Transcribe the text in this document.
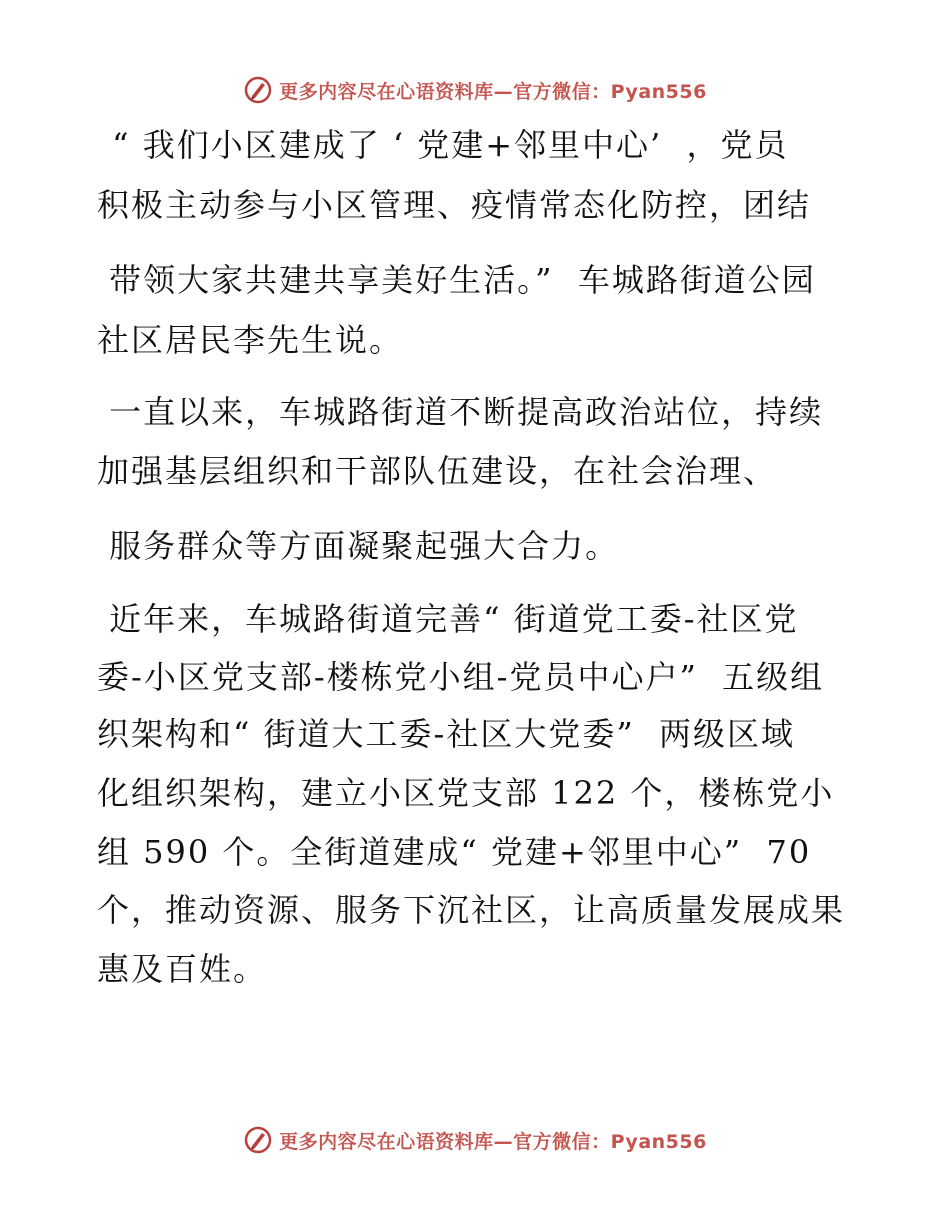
更多内容尽在心语资料库—官方微信：Pyan556
“ 我们小区建成了 ‘ 党建+邻里中心’  ，党员
积极主动参与小区管理、疫情常态化防控，团结
带领大家共建共享美好生活。”  车城路街道公园
社区居民李先生说。
一直以来，车城路街道不断提高政治站位，持续
加强基层组织和干部队伍建设，在社会治理、
服务群众等方面凝聚起强大合力。
近年来，车城路街道完善“ 街道党工委-社区党
委-小区党支部-楼栋党小组-党员中心户”  五级组
织架构和“ 街道大工委-社区大党委”  两级区域
化组织架构，建立小区党支部 122 个，楼栋党小
组 590 个。全街道建成“ 党建+邻里中心”  70
个，推动资源、服务下沉社区，让高质量发展成果
惠及百姓。
更多内容尽在心语资料库—官方微信：Pyan556
